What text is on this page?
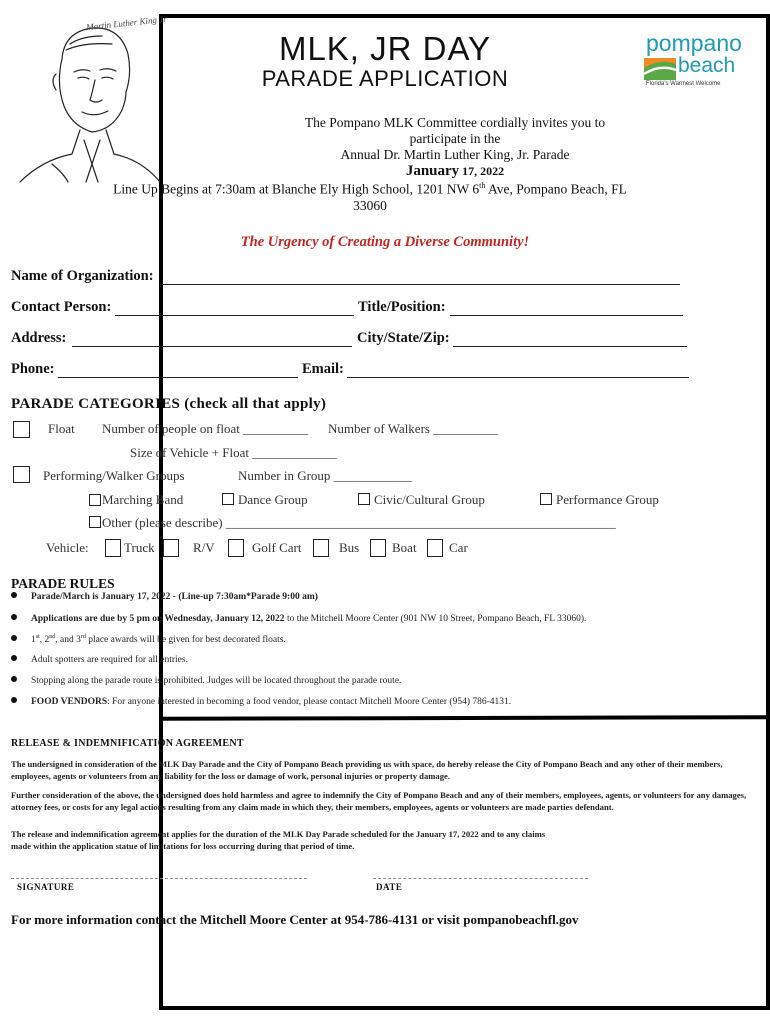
Martin Luther King Jr
MLK, JR DAY
PARADE APPLICATION
pompano
beach
Florida's Warmest Welcome
The Pompano MLK Committee cordially invites you to
participate in the
Annual Dr. Martin Luther King, Jr. Parade
January 17, 2022
Line Up Begins at 7:30am at Blanche Ely High School, 1201 NW 6th Ave, Pompano Beach, FL
33060
The Urgency of Creating a Diverse Community!
Name of Organization:
Contact Person:	Title/Position:
Address:	City/State/Zip:
Phone:	Email:
PARADE CATEGORIES (check all that apply)
Float Number of people on float __________ Number of Walkers __________
Size of Vehicle + Float _____________
Performing/Walker Groups	Number in Group ____________
Marching Band	Dance Group	Civic/Cultural Group	Performance Group
Other (please describe) ____________________________________________________________
Vehicle:	Truck	R/V	Golf Cart	Bus	Boat Car
PARADE RULES
Parade/March is January 17, 2022 - (Line-up 7:30am*Parade 9:00 am)
Applications are due by 5 pm on Wednesday, January 12, 2022 to the Mitchell Moore Center (901 NW 10 Street, Pompano Beach, FL 33060).
1st, 2nd, and 3rd place awards will be given for best decorated floats.
Adult spotters are required for all entries.
Stopping along the parade route is prohibited. Judges will be located throughout the parade route.
FOOD VENDORS: For anyone interested in becoming a food vendor, please contact Mitchell Moore Center (954) 786-4131.
RELEASE & INDEMNIFICATION AGREEMENT
The undersigned in consideration of the MLK Day Parade and the City of Pompano Beach providing us with space, do hereby release the City of Pompano Beach and any other of their members, employees, agents or volunteers from any liability for the loss or damage of work, personal injuries or property damage.
Further consideration of the above, the undersigned does hold harmless and agree to indemnify the City of Pompano Beach and any of their members, employees, agents, or volunteers for any damages, attorney fees, or costs for any legal actions resulting from any claim made in which they, their members, employees, agents or volunteers are made parties defendant.
The release and indemnification agreement applies for the duration of the MLK Day Parade scheduled for the January 17, 2022 and to any claims
made within the application statue of limitations for loss occurring during that period of time.
SIGNATURE	DATE
For more information contact the Mitchell Moore Center at 954-786-4131 or visit pompanobeachfl.gov
